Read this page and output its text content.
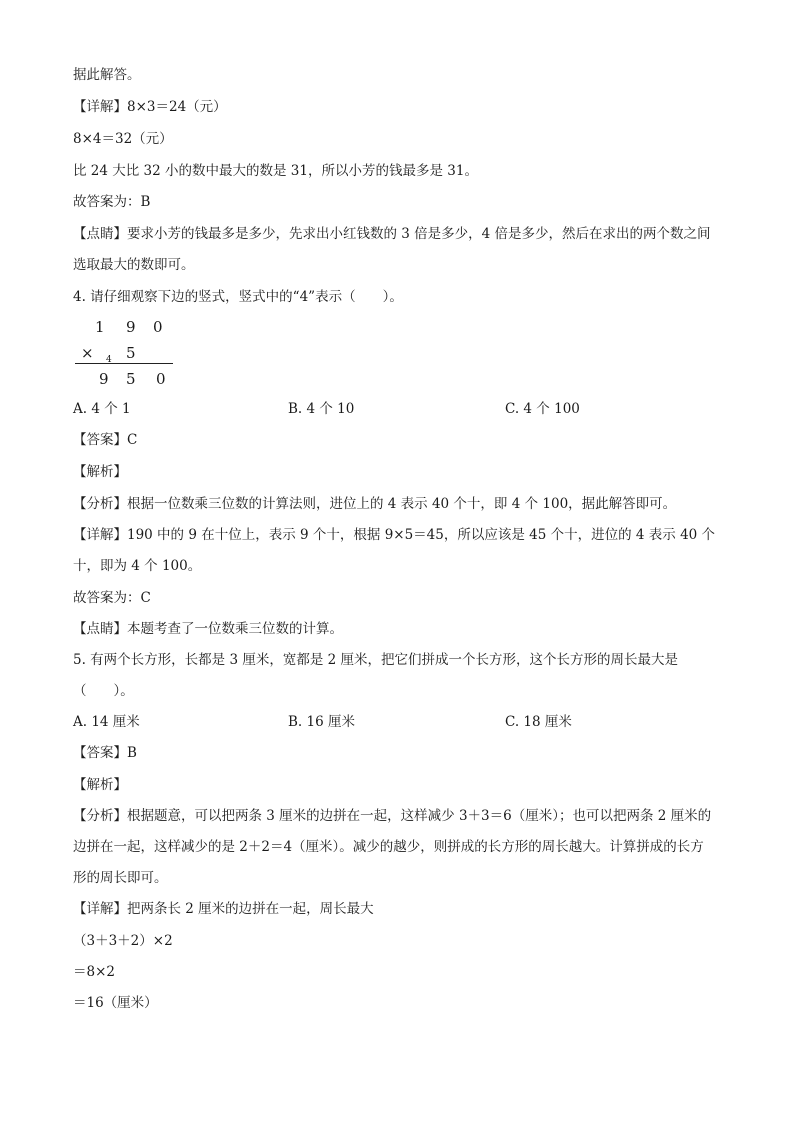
据此解答。
【详解】8×3＝24（元）
8×4＝32（元）
比 24 大比 32 小的数中最大的数是 31，所以小芳的钱最多是 31。
故答案为：B
【点睛】要求小芳的钱最多是多少，先求出小红钱数的 3 倍是多少，4 倍是多少，然后在求出的两个数之间
选取最大的数即可。
4. 请仔细观察下边的竖式，竖式中的“4”表示（　　）。
1 9 0
× 4 5
9 5 0
A. 4 个 1	B. 4 个 10	C. 4 个 100
【答案】C
【解析】
【分析】根据一位数乘三位数的计算法则，进位上的 4 表示 40 个十，即 4 个 100，据此解答即可。
【详解】190 中的 9 在十位上，表示 9 个十，根据 9×5＝45，所以应该是 45 个十，进位的 4 表示 40 个
十，即为 4 个 100。
故答案为：C
【点睛】本题考查了一位数乘三位数的计算。
5. 有两个长方形，长都是 3 厘米，宽都是 2 厘米，把它们拼成一个长方形，这个长方形的周长最大是
（　　）。
A. 14 厘米	B. 16 厘米	C. 18 厘米
【答案】B
【解析】
【分析】根据题意，可以把两条 3 厘米的边拼在一起，这样减少 3＋3＝6（厘米）；也可以把两条 2 厘米的
边拼在一起，这样减少的是 2＋2＝4（厘米）。减少的越少，则拼成的长方形的周长越大。计算拼成的长方
形的周长即可。
【详解】把两条长 2 厘米的边拼在一起，周长最大
（3＋3＋2）×2
＝8×2
＝16（厘米）
